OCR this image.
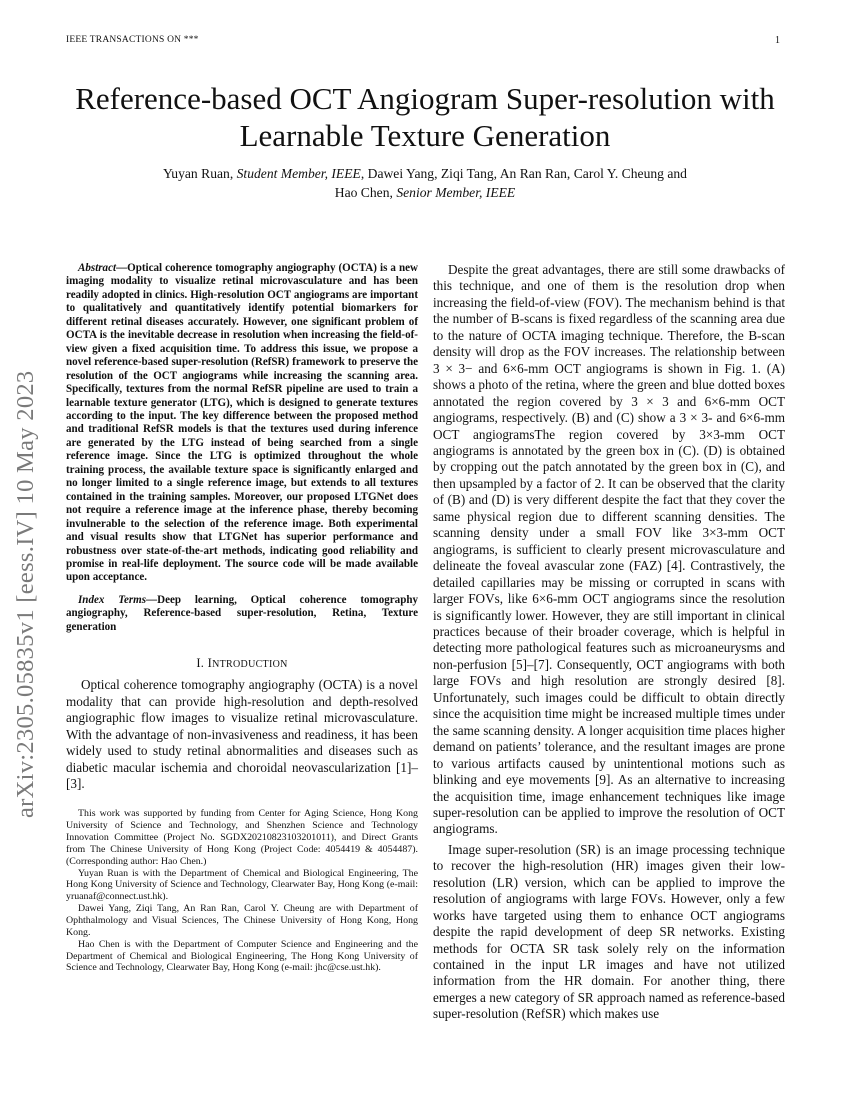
IEEE TRANSACTIONS ON ***	1
arXiv:2305.05835v1 [eess.IV] 10 May 2023
Reference-based OCT Angiogram Super-resolution with Learnable Texture Generation
Yuyan Ruan, Student Member, IEEE, Dawei Yang, Ziqi Tang, An Ran Ran, Carol Y. Cheung and
Hao Chen, Senior Member, IEEE

Abstract—Optical coherence tomography angiography (OCTA) is a new imaging modality to visualize retinal microvasculature and has been readily adopted in clinics. High-resolution OCT angiograms are important to qualitatively and quantitatively identify potential biomarkers for different retinal diseases accurately. However, one significant problem of OCTA is the inevitable decrease in resolution when increasing the field-of-view given a fixed acquisition time. To address this issue, we propose a novel reference-based super-resolution (RefSR) framework to preserve the resolution of the OCT angiograms while increasing the scanning area. Specifically, textures from the normal RefSR pipeline are used to train a learnable texture generator (LTG), which is designed to generate textures according to the input. The key difference between the proposed method and traditional RefSR models is that the textures used during inference are generated by the LTG instead of being searched from a single reference image. Since the LTG is optimized throughout the whole training process, the available texture space is significantly enlarged and no longer limited to a single reference image, but extends to all textures contained in the training samples. Moreover, our proposed LTGNet does not require a reference image at the inference phase, thereby becoming invulnerable to the selection of the reference image. Both experimental and visual results show that LTGNet has superior performance and robustness over state-of-the-art methods, indicating good reliability and promise in real-life deployment. The source code will be made available upon acceptance.

Index Terms—Deep learning, Optical coherence tomography angiography, Reference-based super-resolution, Retina, Texture generation

I. INTRODUCTION

Optical coherence tomography angiography (OCTA) is a novel modality that can provide high-resolution and depth-resolved angiographic flow images to visualize retinal microvasculature. With the advantage of non-invasiveness and readiness, it has been widely used to study retinal abnormalities and diseases such as diabetic macular ischemia and choroidal neovascularization [1]–[3].

This work was supported by funding from Center for Aging Science, Hong Kong University of Science and Technology, and Shenzhen Science and Technology Innovation Committee (Project No. SGDX20210823103201011), and Direct Grants from The Chinese University of Hong Kong (Project Code: 4054419 & 4054487). (Corresponding author: Hao Chen.)

Yuyan Ruan is with the Department of Chemical and Biological Engineering, The Hong Kong University of Science and Technology, Clearwater Bay, Hong Kong (e-mail: yruanaf@connect.ust.hk).

Dawei Yang, Ziqi Tang, An Ran Ran, Carol Y. Cheung are with Department of Ophthalmology and Visual Sciences, The Chinese University of Hong Kong, Hong Kong.

Hao Chen is with the Department of Computer Science and Engineering and the Department of Chemical and Biological Engineering, The Hong Kong University of Science and Technology, Clearwater Bay, Hong Kong (e-mail: jhc@cse.ust.hk).

Despite the great advantages, there are still some drawbacks of this technique, and one of them is the resolution drop when increasing the field-of-view (FOV). The mechanism behind is that the number of B-scans is fixed regardless of the scanning area due to the nature of OCTA imaging technique. Therefore, the B-scan density will drop as the FOV increases. The relationship between 3 × 3− and 6×6-mm OCT angiograms is shown in Fig. 1. (A) shows a photo of the retina, where the green and blue dotted boxes annotated the region covered by 3 × 3 and 6×6-mm OCT angiograms, respectively. (B) and (C) show a 3 × 3- and 6×6-mm OCT angiogramsThe region covered by 3×3-mm OCT angiograms is annotated by the green box in (C). (D) is obtained by cropping out the patch annotated by the green box in (C), and then upsampled by a factor of 2. It can be observed that the clarity of (B) and (D) is very different despite the fact that they cover the same physical region due to different scanning densities. The scanning density under a small FOV like 3×3-mm OCT angiograms, is sufficient to clearly present microvasculature and delineate the foveal avascular zone (FAZ) [4]. Contrastively, the detailed capillaries may be missing or corrupted in scans with larger FOVs, like 6×6-mm OCT angiograms since the resolution is significantly lower. However, they are still important in clinical practices because of their broader coverage, which is helpful in detecting more pathological features such as microaneurysms and non-perfusion [5]–[7]. Consequently, OCT angiograms with both large FOVs and high resolution are strongly desired [8]. Unfortunately, such images could be difficult to obtain directly since the acquisition time might be increased multiple times under the same scanning density. A longer acquisition time places higher demand on patients’ tolerance, and the resultant images are prone to various artifacts caused by unintentional motions such as blinking and eye movements [9]. As an alternative to increasing the acquisition time, image enhancement techniques like image super-resolution can be applied to improve the resolution of OCT angiograms.

Image super-resolution (SR) is an image processing technique to recover the high-resolution (HR) images given their low-resolution (LR) version, which can be applied to improve the resolution of angiograms with large FOVs. However, only a few works have targeted using them to enhance OCT angiograms despite the rapid development of deep SR networks. Existing methods for OCTA SR task solely rely on the information contained in the input LR images and have not utilized information from the HR domain. For another thing, there emerges a new category of SR approach named as reference-based super-resolution (RefSR) which makes use
